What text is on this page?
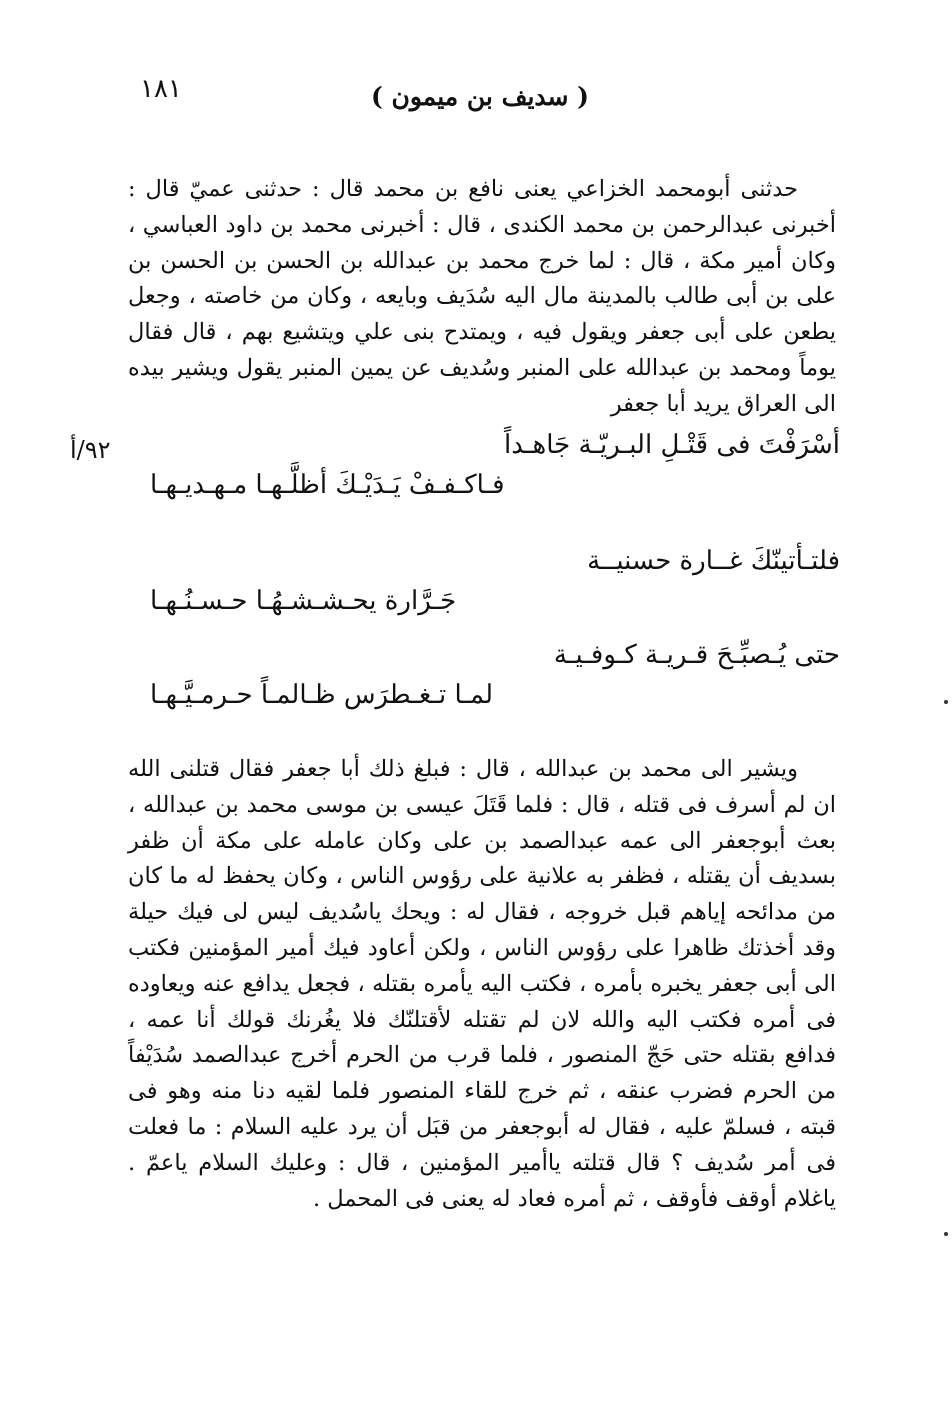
١٨١	( سديف بن ميمون )

حدثنى أبومحمد الخزاعي يعنى نافع بن محمد قال : حدثنى عميّ قال : أخبرنى عبدالرحمن بن محمد الكندى ، قال : أخبرنى محمد بن داود العباسي ، وكان أمير مكة ، قال : لما خرج محمد بن عبدالله بن الحسن بن الحسن بن على بن أبى طالب بالمدينة مال اليه سُدَيف وبايعه ، وكان من خاصته ، وجعل يطعن على أبى جعفر ويقول فيه ، ويمتدح بنى علي ويتشيع بهم ، قال فقال يوماً ومحمد بن عبدالله على المنبر وسُديف عن يمين المنبر يقول ويشير بيده الى العراق يريد أبا جعفر

٩٢/أ	أسْرَفْتَ فى قَتْـلِ البـريّـة جَاهـداً
فـاكـفـفْ يَـدَيْـكَ أظلَّـهـا مـهـديـهـا
فلتـأتينّكَ غــارة حسنيــة
جَـرَّارة يحـشـشـهُـا حـسـنُـهـا
حتى يُـصبِّـحَ قـريـة كـوفـيـة
لمـا تـغـطرَس ظـالمـاً حـرمـيَّـهـا

ويشير الى محمد بن عبدالله ، قال : فبلغ ذلك أبا جعفر فقال قتلنى الله ان لم أسرف فى قتله ، قال : فلما قَتَلَ عيسى بن موسى محمد بن عبدالله ، بعث أبوجعفر الى عمه عبدالصمد بن على وكان عامله على مكة أن ظفر بسديف أن يقتله ، فظفر به علانية على رؤوس الناس ، وكان يحفظ له ما كان من مدائحه إياهم قبل خروجه ، فقال له : ويحك ياسُديف ليس لى فيك حيلة وقد أخذتك ظاهرا على رؤوس الناس ، ولكن أعاود فيك أمير المؤمنين فكتب الى أبى جعفر يخبره بأمره ، فكتب اليه يأمره بقتله ، فجعل يدافع عنه ويعاوده فى أمره فكتب اليه والله لان لم تقتله لأقتلنّك فلا يغُرنك قولك أنا عمه ، فدافع بقتله حتى حَجّ المنصور ، فلما قرب من الحرم أخرج عبدالصمد سُدَيْفاً من الحرم فضرب عنقه ، ثم خرج للقاء المنصور فلما لقيه دنا منه وهو فى قبته ، فسلمّ عليه ، فقال له أبوجعفر من قبَل أن يرد عليه السلام : ما فعلت فى أمر سُديف ؟ قال قتلته ياأمير المؤمنين ، قال : وعليك السلام ياعمّ . ياغلام أوقف فأوقف ، ثم أمره فعاد له يعنى فى المحمل .
